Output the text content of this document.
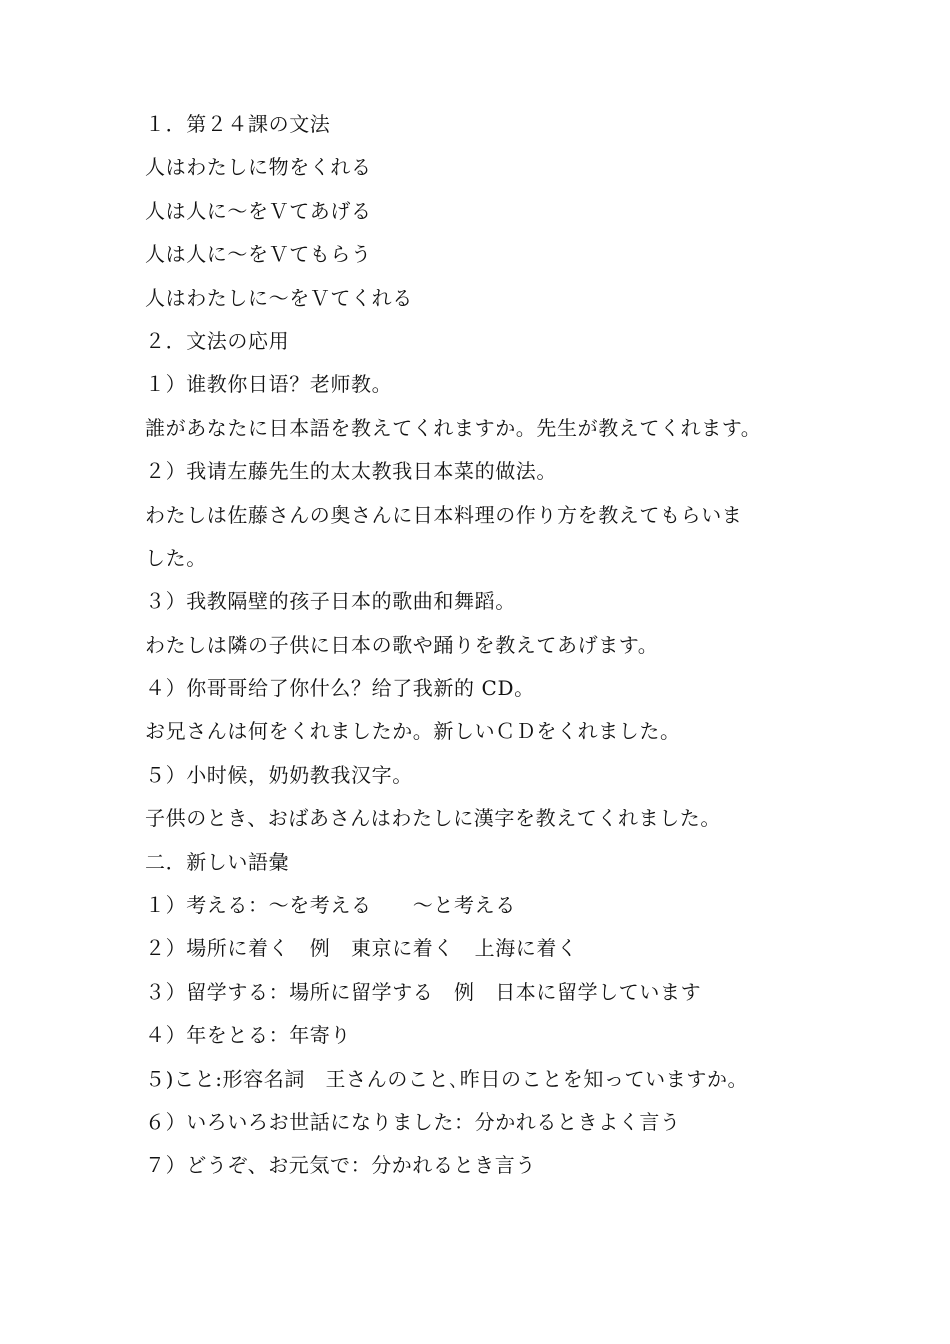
１．第２４課の文法
人はわたしに物をくれる
人は人に～をＶてあげる
人は人に～をＶてもらう
人はわたしに～をＶてくれる
２．文法の応用
１）谁教你日语？老师教。
誰があなたに日本語を教えてくれますか。先生が教えてくれます。
２）我请左藤先生的太太教我日本菜的做法。
わたしは佐藤さんの奥さんに日本料理の作り方を教えてもらいま
した。
３）我教隔壁的孩子日本的歌曲和舞蹈。
わたしは隣の子供に日本の歌や踊りを教えてあげます。
４）你哥哥给了你什么？给了我新的 CD。
お兄さんは何をくれましたか。新しいＣＤをくれました。
５）小时候，奶奶教我汉字。
子供のとき、おばあさんはわたしに漢字を教えてくれました。
二．新しい語彙
１）考える：～を考える　　～と考える
２）場所に着く　例　東京に着く　上海に着く
３）留学する：場所に留学する　例　日本に留学しています
４）年をとる：年寄り
５)こと:形容名詞　王さんのこと､昨日のことを知っていますか｡
６）いろいろお世話になりました：分かれるときよく言う
７）どうぞ、お元気で：分かれるとき言う
